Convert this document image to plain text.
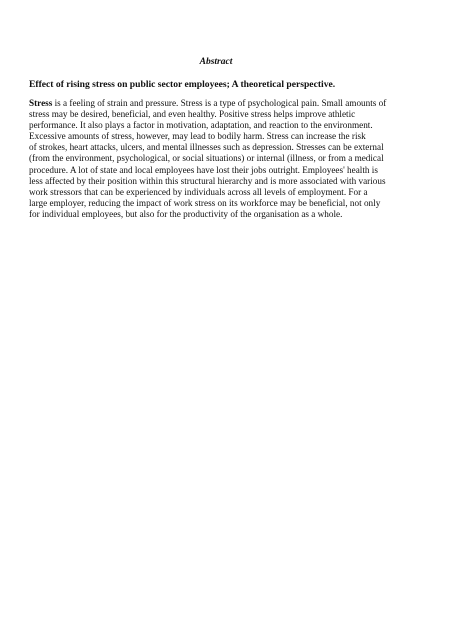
Abstract
Effect of rising stress on public sector employees; A theoretical perspective.
Stress is a feeling of strain and pressure. Stress is a type of psychological pain. Small amounts of
stress may be desired, beneficial, and even healthy. Positive stress helps improve athletic
performance. It also plays a factor in motivation, adaptation, and reaction to the environment.
Excessive amounts of stress, however, may lead to bodily harm. Stress can increase the risk
of strokes, heart attacks, ulcers, and mental illnesses such as depression. Stresses can be external
(from the environment, psychological, or social situations) or internal (illness, or from a medical
procedure. A lot of state and local employees have lost their jobs outright. Employees' health is
less affected by their position within this structural hierarchy and is more associated with various
work stressors that can be experienced by individuals across all levels of employment. For a
large employer, reducing the impact of work stress on its workforce may be beneficial, not only
for individual employees, but also for the productivity of the organisation as a whole.
